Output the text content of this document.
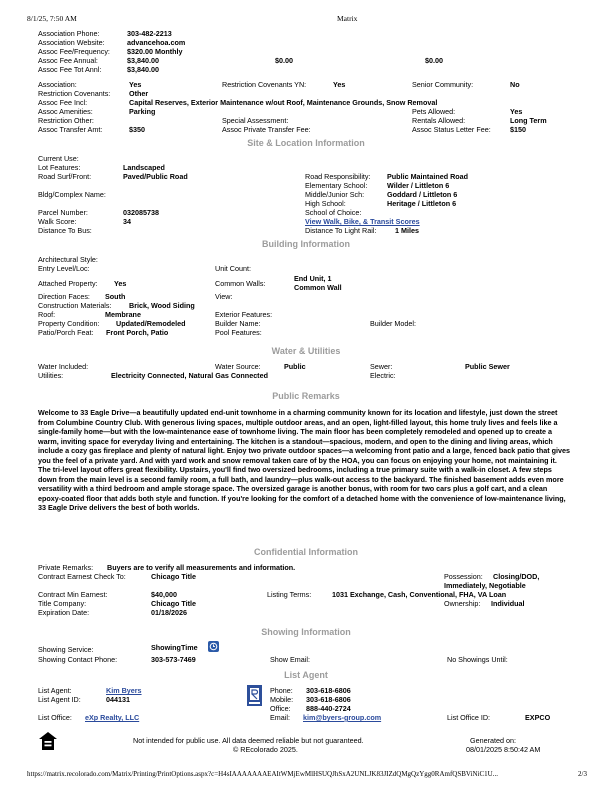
8/1/25, 7:50 AM	Matrix
Association Phone:	303-482-2213
Association Website:	advancehoa.com
Assoc Fee/Frequency: $320.00 Monthly
Assoc Fee Annual:	$3,840.00	$0.00	$0.00
Assoc Fee Tot Annl:	$3,840.00
Association:	Yes	Restriction Covenants YN:	Yes	Senior Community:	No
Restriction Covenants:	Other
Assoc Fee Incl:	Capital Reserves, Exterior Maintenance w/out Roof, Maintenance Grounds, Snow Removal
Assoc Amenities:	Parking	Pets Allowed:	Yes
Restriction Other:	Special Assessment:	Rentals Allowed:	Long Term
Assoc Transfer Amt:	$350	Assoc Private Transfer Fee:	Assoc Status Letter Fee:	$150
Site & Location Information
Current Use:
Lot Features:	Landscaped
Road Surf/Front:	Paved/Public Road	Road Responsibility: Public Maintained Road
Elementary School:	Wilder / Littleton 6
Bldg/Complex Name:	Middle/Junior Sch:	Goddard / Littleton 6
High School:	Heritage / Littleton 6
Parcel Number:	032085738	School of Choice:
Walk Score:	34	View Walk, Bike, & Transit Scores
Distance To Bus:	Distance To Light Rail:	1 Miles
Building Information
Architectural Style:
Entry Level/Loc:	Unit Count:
Attached Property: Yes	Common Walls:
End Unit, 1
Common Wall
Direction Faces: South	View:
Construction Materials: Brick, Wood Siding
Roof:	Membrane	Exterior Features:
Property Condition: Updated/Remodeled	Builder Name:	Builder Model:
Patio/Porch Feat: Front Porch, Patio	Pool Features:
Water & Utilities
Water Included:	Water Source:	Public	Sewer:	Public Sewer
Utilities:	Electricity Connected, Natural Gas Connected	Electric:
Public Remarks
Welcome to 33 Eagle Drive—a beautifully updated end-unit townhome in a charming community known for its location and lifestyle, just down the street from Columbine Country Club. With generous living spaces, multiple outdoor areas, and an open, light-filled layout, this home truly lives and feels like a single-family home—but with the low-maintenance ease of townhome living. The main floor has been completely remodeled and opened up to create a warm, inviting space for everyday living and entertaining. The kitchen is a standout—spacious, modern, and open to the dining and living areas, which include a cozy gas fireplace and plenty of natural light. Enjoy two private outdoor spaces—a welcoming front patio and a large, fenced back patio that gives you the feel of a private yard. And with yard work and snow removal taken care of by the HOA, you can focus on enjoying your home, not maintaining it. The tri-level layout offers great flexibility. Upstairs, you'll find two oversized bedrooms, including a true primary suite with a walk-in closet. A few steps down from the main level is a second family room, a full bath, and laundry—plus walk-out access to the backyard. The finished basement adds even more versatility with a third bedroom and ample storage space. The oversized garage is another bonus, with room for two cars plus a golf cart, and a clean epoxy-coated floor that adds both style and function. If you're looking for the comfort of a detached home with the convenience of low-maintenance living, 33 Eagle Drive delivers the best of both worlds.
Confidential Information
Private Remarks: Buyers are to verify all measurements and information.
Contract Earnest Check To:	Chicago Title	Possession: Closing/DOD,
Immediately, Negotiable
Contract Min Earnest:	$40,000	Listing Terms:	1031 Exchange, Cash, Conventional, FHA, VA Loan
Title Company:	Chicago Title	Ownership: Individual
Expiration Date:	01/18/2026
Showing Information
Showing Service:	ShowingTime
Showing Contact Phone:	303-573-7469	Show Email:	No Showings Until:
List Agent
List Agent:	Kim Byers
List Agent ID:	044131
Phone: 303-618-6806
Mobile: 303-618-6806
Office: 888-440-2724
List Office: eXp Realty, LLC	Email: kim@byers-group.com	List Office ID:	EXPCO
Not intended for public use. All data deemed reliable but not guaranteed.
© REcolorado 2025.
Generated on:
08/01/2025 8:50:42 AM
https://matrix.recolorado.com/Matrix/Printing/PrintOptions.aspx?c=H4sIAAAAAAAEAItWMjEwMlHSUQJhSxA2UNLJK83JIZdQMgQzYgg0RAmfQSBViNiC1U...	2/3
